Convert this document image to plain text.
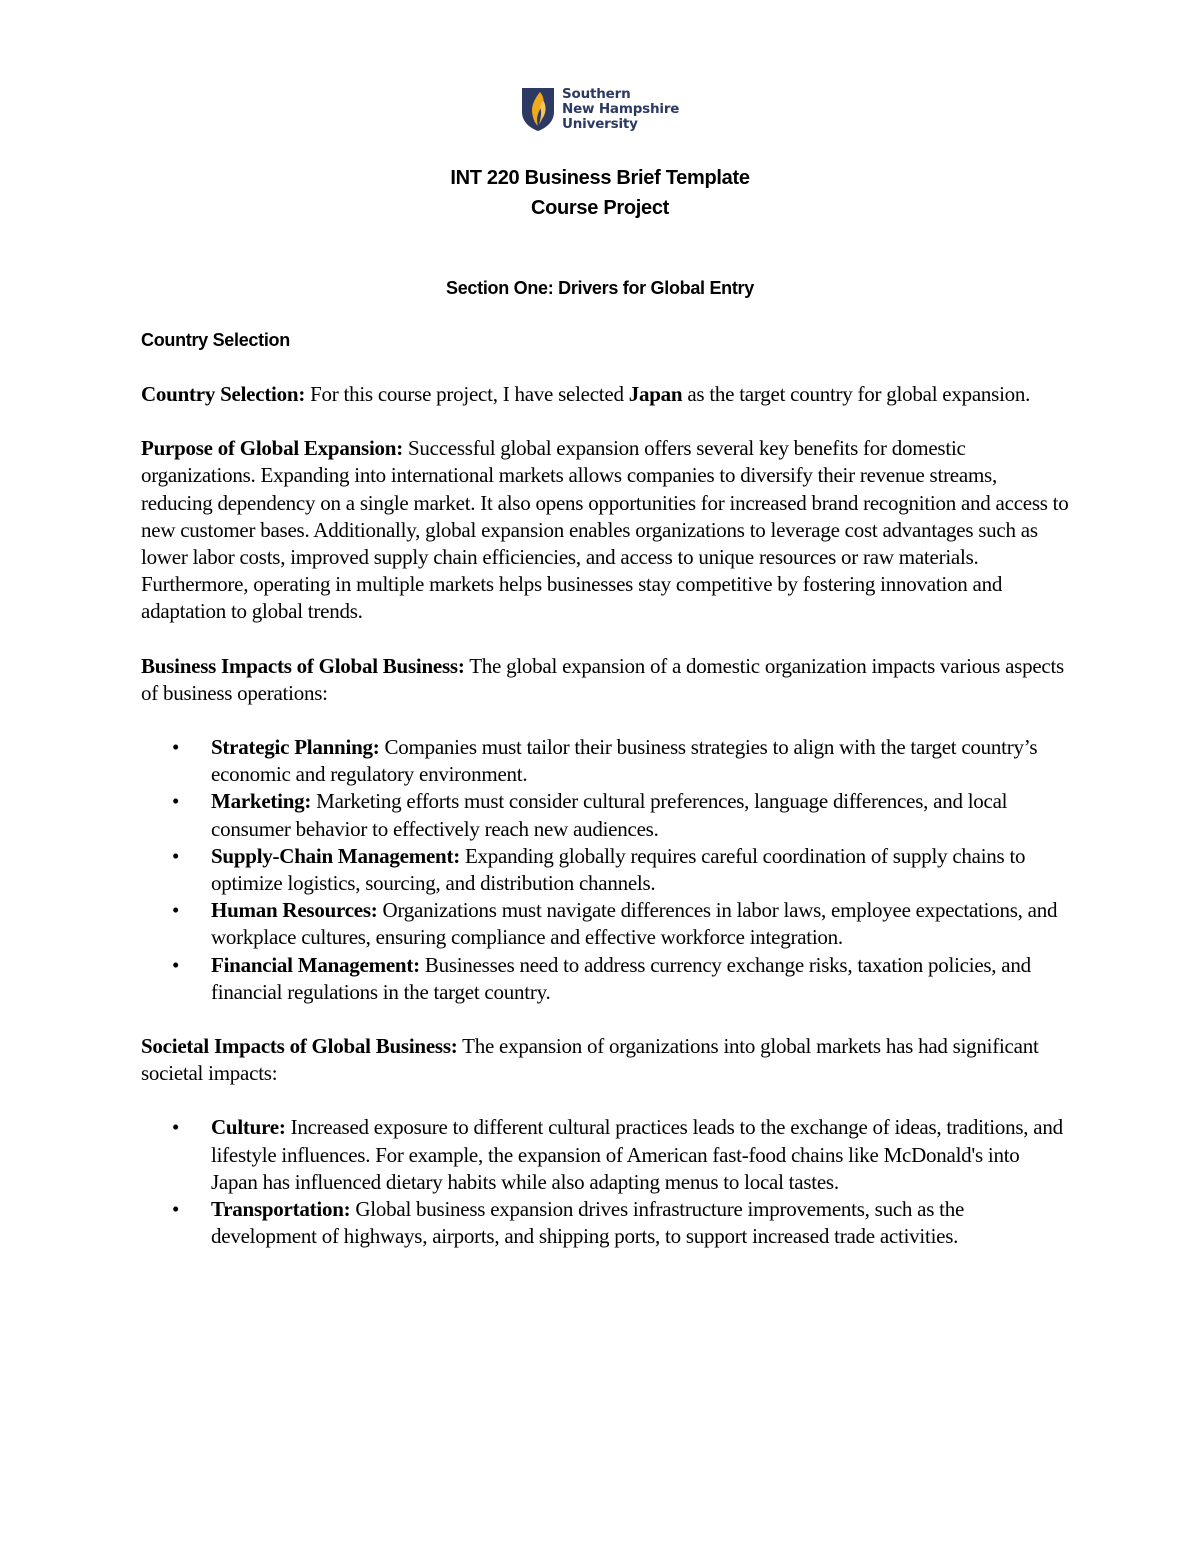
Southern
New Hampshire
University
INT 220 Business Brief Template
Course Project
Section One: Drivers for Global Entry
Country Selection

Country Selection: For this course project, I have selected Japan as the target country for global expansion.

Purpose of Global Expansion: Successful global expansion offers several key benefits for domestic organizations. Expanding into international markets allows companies to diversify their revenue streams, reducing dependency on a single market. It also opens opportunities for increased brand recognition and access to new customer bases. Additionally, global expansion enables organizations to leverage cost advantages such as lower labor costs, improved supply chain efficiencies, and access to unique resources or raw materials. Furthermore, operating in multiple markets helps businesses stay competitive by fostering innovation and adaptation to global trends.

Business Impacts of Global Business: The global expansion of a domestic organization impacts various aspects of business operations:

• Strategic Planning: Companies must tailor their business strategies to align with the target country’s economic and regulatory environment.
• Marketing: Marketing efforts must consider cultural preferences, language differences, and local consumer behavior to effectively reach new audiences.
• Supply-Chain Management: Expanding globally requires careful coordination of supply chains to optimize logistics, sourcing, and distribution channels.
• Human Resources: Organizations must navigate differences in labor laws, employee expectations, and workplace cultures, ensuring compliance and effective workforce integration.
• Financial Management: Businesses need to address currency exchange risks, taxation policies, and financial regulations in the target country.

Societal Impacts of Global Business: The expansion of organizations into global markets has had significant societal impacts:

• Culture: Increased exposure to different cultural practices leads to the exchange of ideas, traditions, and lifestyle influences. For example, the expansion of American fast-food chains like McDonald's into Japan has influenced dietary habits while also adapting menus to local tastes.
• Transportation: Global business expansion drives infrastructure improvements, such as the development of highways, airports, and shipping ports, to support increased trade activities.
